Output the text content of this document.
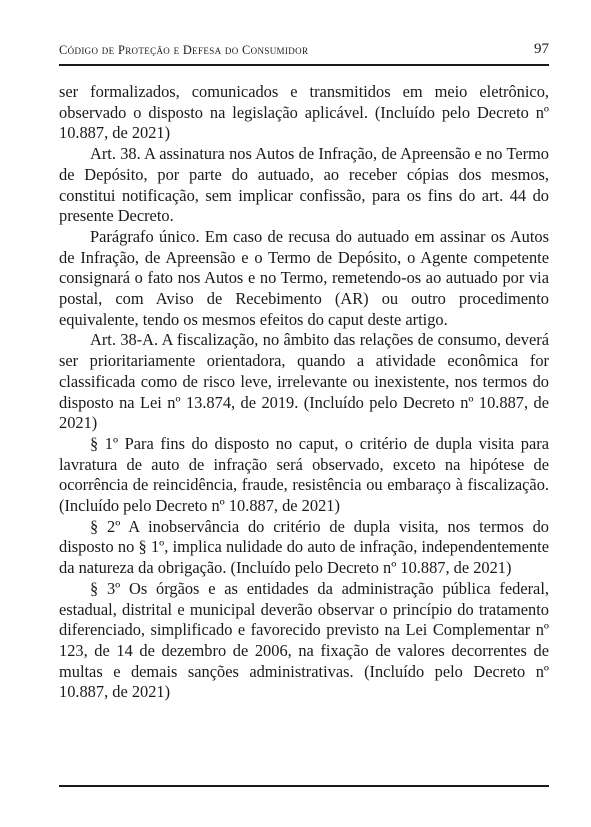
Código de Proteção e Defesa do Consumidor	97

ser formalizados, comunicados e transmitidos em meio eletrônico, observado o disposto na legislação aplicável. (Incluído pelo Decreto nº 10.887, de 2021)

Art. 38. A assinatura nos Autos de Infração, de Apreensão e no Termo de Depósito, por parte do autuado, ao receber cópias dos mesmos, constitui notificação, sem implicar confissão, para os fins do art. 44 do presente Decreto.

Parágrafo único. Em caso de recusa do autuado em assinar os Autos de Infração, de Apreensão e o Termo de Depósito, o Agente competente consignará o fato nos Autos e no Termo, remetendo-os ao autuado por via postal, com Aviso de Recebimento (AR) ou outro procedimento equivalente, tendo os mesmos efeitos do caput deste artigo.

Art. 38-A. A fiscalização, no âmbito das relações de consumo, deverá ser prioritariamente orientadora, quando a atividade econômica for classificada como de risco leve, irrelevante ou inexistente, nos termos do disposto na Lei nº 13.874, de 2019. (Incluído pelo Decreto nº 10.887, de 2021)

§ 1º Para fins do disposto no caput, o critério de dupla visita para lavratura de auto de infração será observado, exceto na hipótese de ocorrência de reincidência, fraude, resistência ou embaraço à fiscalização. (Incluído pelo Decreto nº 10.887, de 2021)

§ 2º A inobservância do critério de dupla visita, nos termos do disposto no § 1º, implica nulidade do auto de infração, independentemente da natureza da obrigação. (Incluído pelo Decreto nº 10.887, de 2021)

§ 3º Os órgãos e as entidades da administração pública federal, estadual, distrital e municipal deverão observar o princípio do tratamento diferenciado, simplificado e favorecido previsto na Lei Complementar nº 123, de 14 de dezembro de 2006, na fixação de valores decorrentes de multas e demais sanções administrativas. (Incluído pelo Decreto nº 10.887, de 2021)
